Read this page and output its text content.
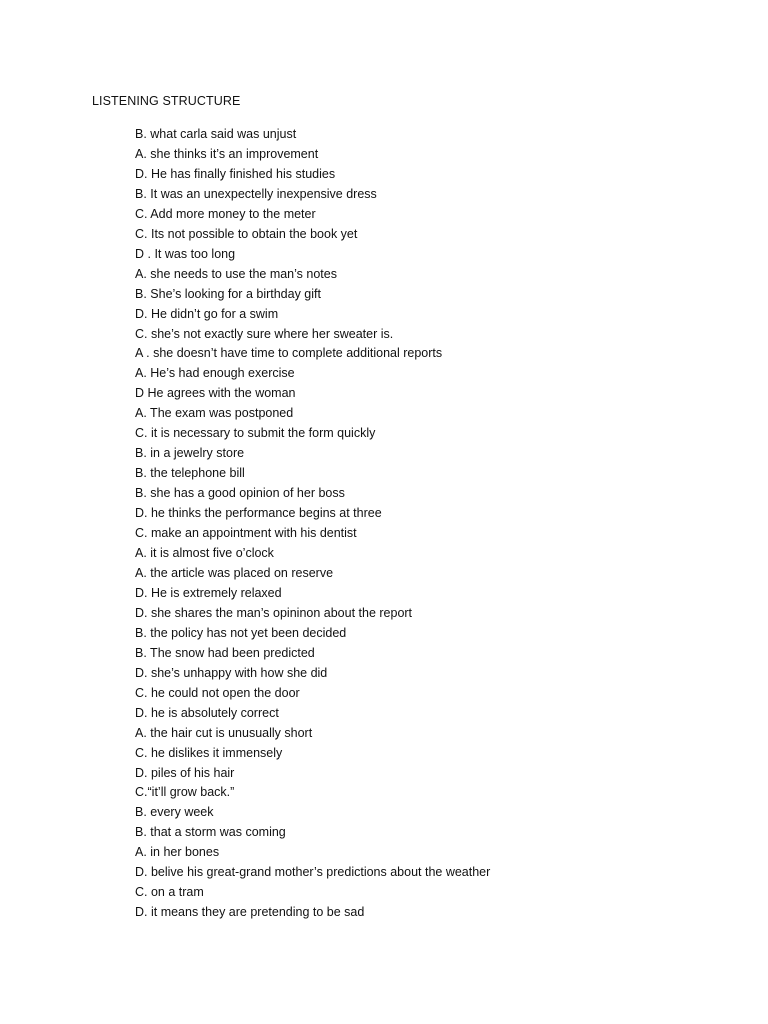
LISTENING STRUCTURE
B. what carla said was unjust
A. she thinks it’s an improvement
D. He has finally finished his studies
B. It was an unexpectelly inexpensive dress
C. Add more money to the meter
C. Its not possible to obtain the book yet
D . It was too long
A. she needs to use the man’s notes
B. She’s looking for a birthday gift
D. He didn’t go for a swim
C. she’s not exactly sure where her sweater is.
A . she doesn’t have time to complete additional reports
A. He’s had enough exercise
D He agrees with the woman
A. The exam was postponed
C. it is necessary to submit the form quickly
B. in a jewelry store
B. the telephone bill
B. she has a good opinion of her boss
D. he thinks the performance begins at three
C. make an appointment with his dentist
A. it is almost five o’clock
A. the article was placed on reserve
D. He is extremely relaxed
D. she shares the man’s opininon about the report
B. the policy has not yet been decided
B. The snow had been predicted
D. she’s unhappy with how she did
C. he could not open the door
D. he is absolutely correct
A. the hair cut is unusually short
C. he dislikes it immensely
D. piles of his hair
C.“it’ll grow back.”
B. every week
B. that a storm was coming
A. in her bones
D. belive his great-grand mother’s predictions about the weather
C. on a tram
D. it means they are pretending to be sad
